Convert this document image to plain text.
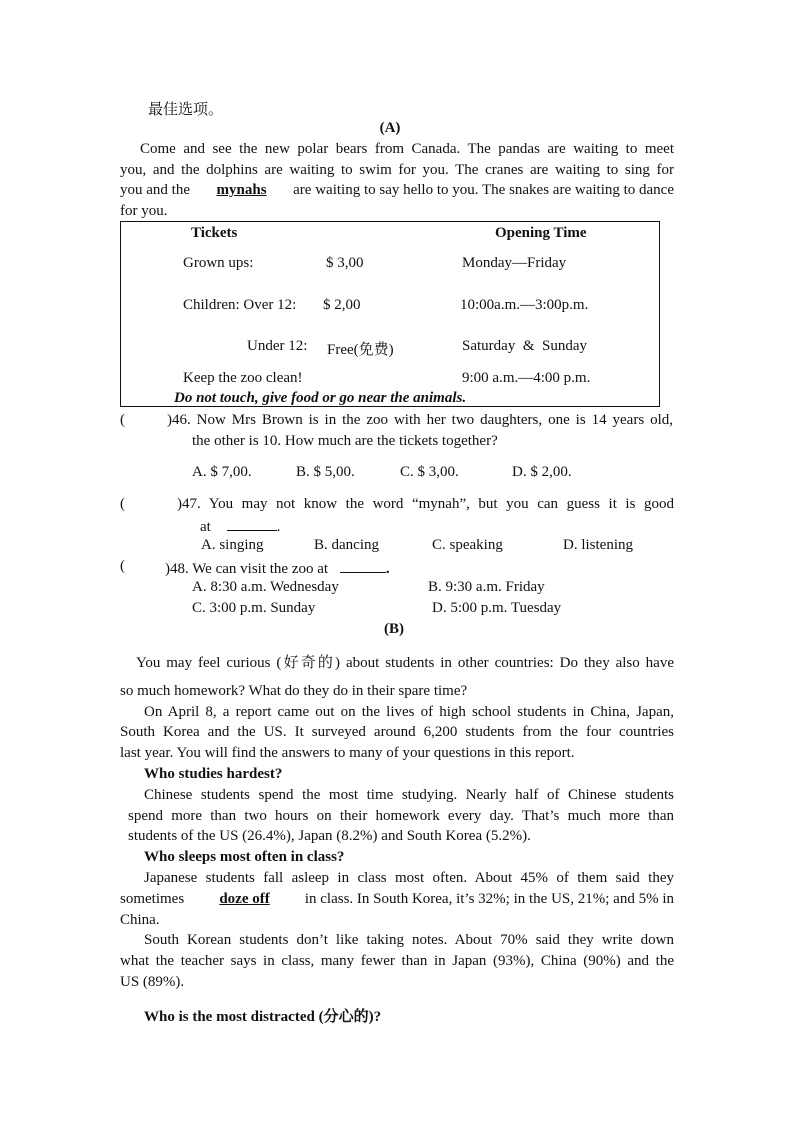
最佳选项。
(A)
Come and see the new polar bears from Canada. The pandas are waiting to meet
you, and the dolphins are waiting to swim for you. The cranes are waiting to sing for
you and the mynahs are waiting to say hello to you. The snakes are waiting to dance
for you.
Tickets	Opening Time
Grown ups:	$ 3,00	Monday—Friday
Children: Over 12: $ 2,00	10:00a.m.—3:00p.m.
Under 12: Free(免费)	Saturday  &  Sunday
Keep the zoo clean!	9:00 a.m.—4:00 p.m.
Do not touch, give food or go near the animals.
(	)46. Now Mrs Brown is in the zoo with her two daughters, one is 14 years old,
the other is 10. How much are the tickets together?
A. $ 7,00.	B. $ 5,00.	C. $ 3,00.	D. $ 2,00.
(	)47. You may not know the word “mynah”, but you can guess it is good
at	.
A. singing	B. dancing	C. speaking	D. listening
(	)48. We can visit the zoo at	.
A. 8:30 a.m. Wednesday	B. 9:30 a.m. Friday
C. 3:00 p.m. Sunday	D. 5:00 p.m. Tuesday
(B)
You may feel curious (好奇的) about students in other countries: Do they also have
so much homework? What do they do in their spare time?
On April 8, a report came out on the lives of high school students in China, Japan,
South Korea and the US. It surveyed around 6,200 students from the four countries
last year. You will find the answers to many of your questions in this report.
Who studies hardest?
Chinese students spend the most time studying. Nearly half of Chinese students
spend more than two hours on their homework every day. That’s much more than
students of the US (26.4%), Japan (8.2%) and South Korea (5.2%).
Who sleeps most often in class?
Japanese students fall asleep in class most often. About 45% of them said they
sometimes doze off in class. In South Korea, it’s 32%; in the US, 21%; and 5% in
China.
South Korean students don’t like taking notes. About 70% said they write down
what the teacher says in class, many fewer than in Japan (93%), China (90%) and the
US (89%).
Who is the most distracted (分心的)?
